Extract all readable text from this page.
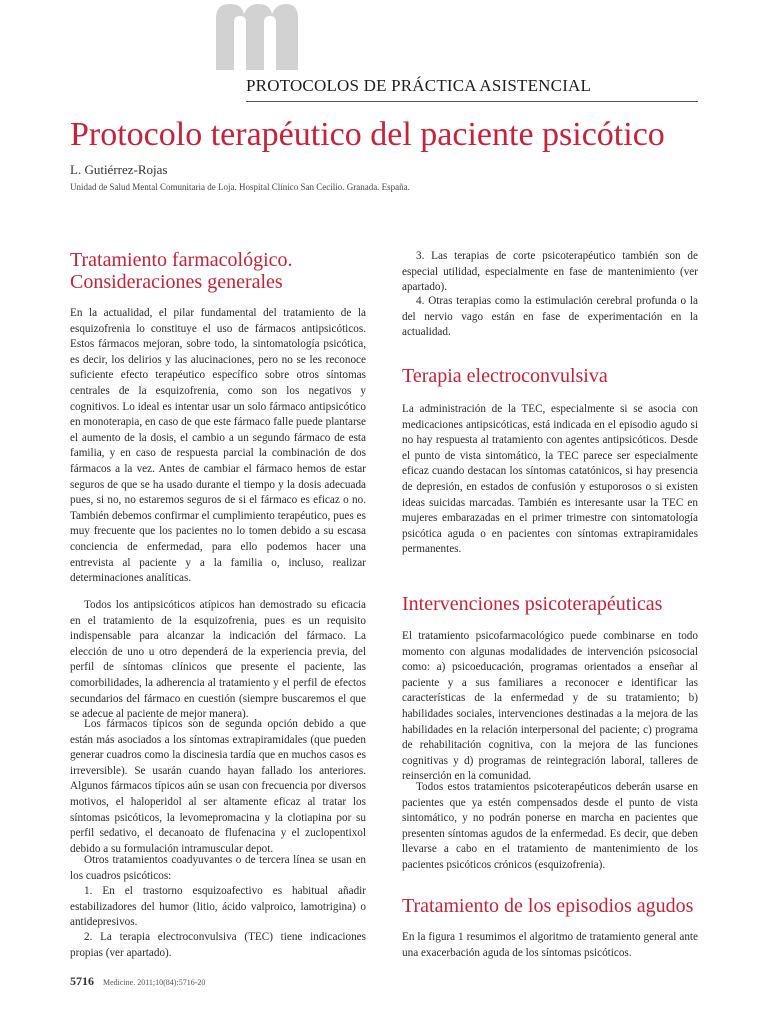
PROTOCOLOS DE PRÁCTICA ASISTENCIAL
Protocolo terapéutico del paciente psicótico
L. Gutiérrez-Rojas
Unidad de Salud Mental Comunitaria de Loja. Hospital Clínico San Cecilio. Granada. España.
Tratamiento farmacológico. Consideraciones generales

En la actualidad, el pilar fundamental del tratamiento de la esquizofrenia lo constituye el uso de fármacos antipsicóticos. Estos fármacos mejoran, sobre todo, la sintomatología psicótica, es decir, los delirios y las alucinaciones, pero no se les reconoce suficiente efecto terapéutico específico sobre otros síntomas centrales de la esquizofrenia, como son los negativos y cognitivos. Lo ideal es intentar usar un solo fármaco antipsicótico en monoterapia, en caso de que este fármaco falle puede plantarse el aumento de la dosis, el cambio a un segundo fármaco de esta familia, y en caso de respuesta parcial la combinación de dos fármacos a la vez. Antes de cambiar el fármaco hemos de estar seguros de que se ha usado durante el tiempo y la dosis adecuada pues, si no, no estaremos seguros de si el fármaco es eficaz o no. También debemos confirmar el cumplimiento terapéutico, pues es muy frecuente que los pacientes no lo tomen debido a su escasa conciencia de enfermedad, para ello podemos hacer una entrevista al paciente y a la familia o, incluso, realizar determinaciones analíticas.

Todos los antipsicóticos atípicos han demostrado su eficacia en el tratamiento de la esquizofrenia, pues es un requisito indispensable para alcanzar la indicación del fármaco. La elección de uno u otro dependerá de la experiencia previa, del perfil de síntomas clínicos que presente el paciente, las comorbilidades, la adherencia al tratamiento y el perfil de efectos secundarios del fármaco en cuestión (siempre buscaremos el que se adecue al paciente de mejor manera).

Los fármacos típicos son de segunda opción debido a que están más asociados a los síntomas extrapiramidales (que pueden generar cuadros como la discinesia tardía que en muchos casos es irreversible). Se usarán cuando hayan fallado los anteriores. Algunos fármacos típicos aún se usan con frecuencia por diversos motivos, el haloperidol al ser altamente eficaz al tratar los síntomas psicóticos, la levomepromacina y la clotiapina por su perfil sedativo, el decanoato de flufenacina y el zuclopentixol debido a su formulación intramuscular depot.

Otros tratamientos coadyuvantes o de tercera línea se usan en los cuadros psicóticos:

1. En el trastorno esquizoafectivo es habitual añadir estabilizadores del humor (litio, ácido valproico, lamotrigina) o antidepresivos.

2. La terapia electroconvulsiva (TEC) tiene indicaciones propias (ver apartado).

3. Las terapias de corte psicoterapéutico también son de especial utilidad, especialmente en fase de mantenimiento (ver apartado).

4. Otras terapias como la estimulación cerebral profunda o la del nervio vago están en fase de experimentación en la actualidad.

Terapia electroconvulsiva

La administración de la TEC, especialmente si se asocia con medicaciones antipsicóticas, está indicada en el episodio agudo si no hay respuesta al tratamiento con agentes antipsicóticos. Desde el punto de vista sintomático, la TEC parece ser especialmente eficaz cuando destacan los síntomas catatónicos, si hay presencia de depresión, en estados de confusión y estuporosos o si existen ideas suicidas marcadas. También es interesante usar la TEC en mujeres embarazadas en el primer trimestre con sintomatología psicótica aguda o en pacientes con síntomas extrapiramidales permanentes.

Intervenciones psicoterapéuticas

El tratamiento psicofarmacológico puede combinarse en todo momento con algunas modalidades de intervención psicosocial como: a) psicoeducación, programas orientados a enseñar al paciente y a sus familiares a reconocer e identificar las características de la enfermedad y de su tratamiento; b) habilidades sociales, intervenciones destinadas a la mejora de las habilidades en la relación interpersonal del paciente; c) programa de rehabilitación cognitiva, con la mejora de las funciones cognitivas y d) programas de reintegración laboral, talleres de reinserción en la comunidad.

Todos estos tratamientos psicoterapéuticos deberán usarse en pacientes que ya estén compensados desde el punto de vista sintomático, y no podrán ponerse en marcha en pacientes que presenten síntomas agudos de la enfermedad. Es decir, que deben llevarse a cabo en el tratamiento de mantenimiento de los pacientes psicóticos crónicos (esquizofrenia).

Tratamiento de los episodios agudos

En la figura 1 resumimos el algoritmo de tratamiento general ante una exacerbación aguda de los síntomas psicóticos.

5716 Medicine. 2011;10(84):5716-20
